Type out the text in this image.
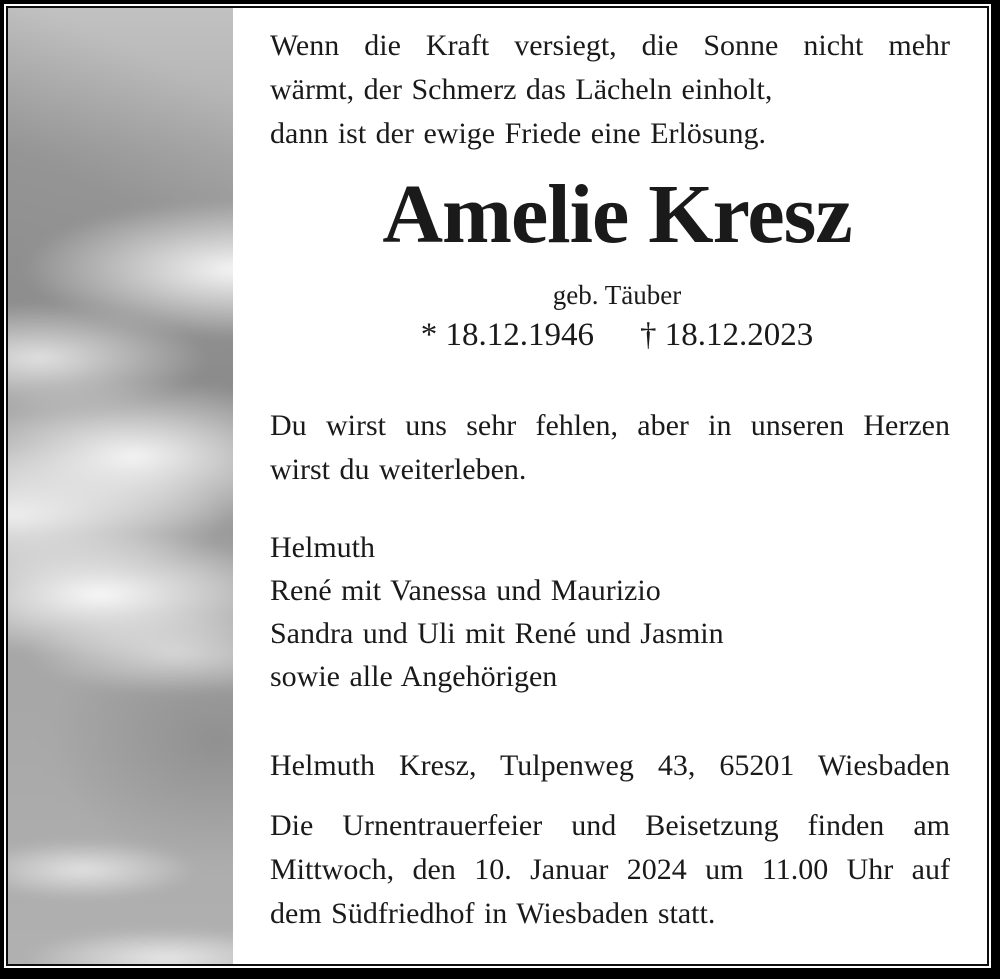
Wenn die Kraft versiegt, die Sonne nicht mehr
wärmt, der Schmerz das Lächeln einholt,
dann ist der ewige Friede eine Erlösung.
Amelie Kresz
geb. Täuber
* 18.12.1946 † 18.12.2023
Du wirst uns sehr fehlen, aber in unseren Herzen
wirst du weiterleben.
Helmuth
René mit Vanessa und Maurizio
Sandra und Uli mit René und Jasmin
sowie alle Angehörigen
Helmuth Kresz, Tulpenweg 43, 65201 Wiesbaden
Die Urnentrauerfeier und Beisetzung finden am
Mittwoch, den 10. Januar 2024 um 11.00 Uhr auf
dem Südfriedhof in Wiesbaden statt.
